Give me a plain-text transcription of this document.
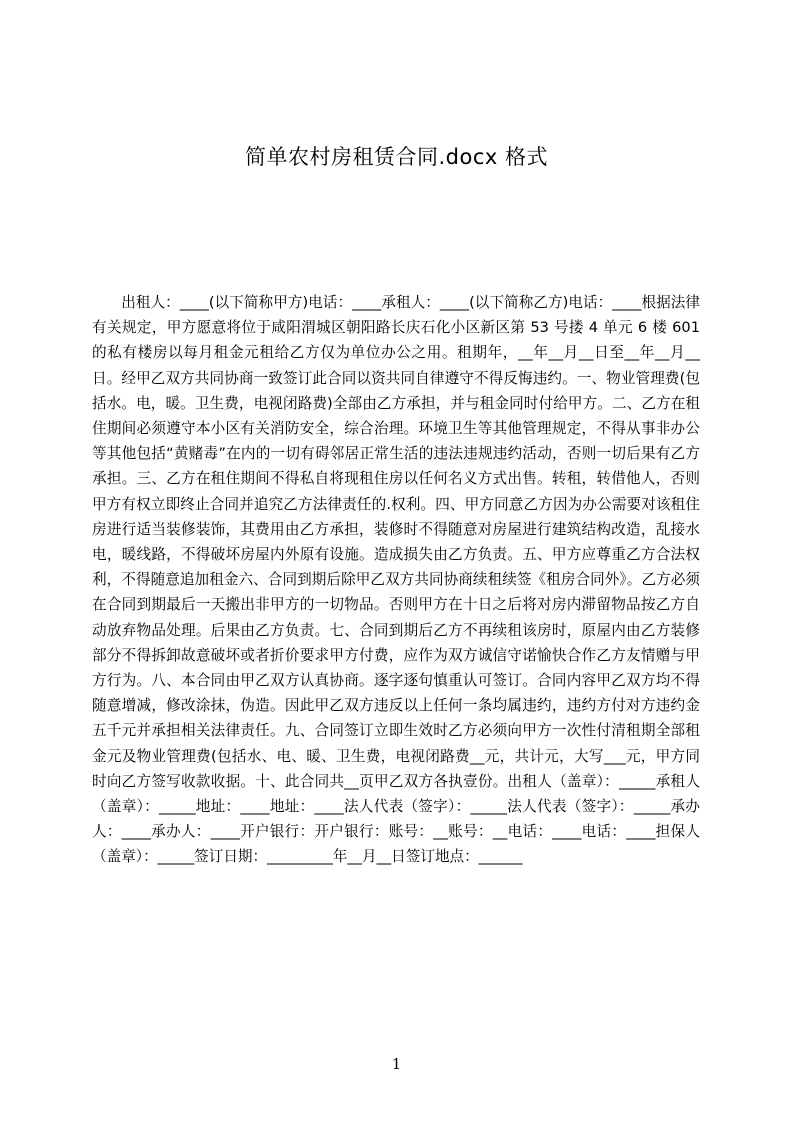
简单农村房租赁合同.docx 格式

出租人：____(以下简称甲方)电话：____承租人：____(以下简称乙方)电话：____根据法律有关规定，甲方愿意将位于咸阳渭城区朝阳路长庆石化小区新区第 53 号搂 4 单元 6 楼 601 的私有楼房以每月租金元租给乙方仅为单位办公之用。租期年，__年__月__日至__年__月__日。经甲乙双方共同协商一致签订此合同以资共同自律遵守不得反悔违约。一、物业管理费(包括水。电，暖。卫生费，电视闭路费)全部由乙方承担，并与租金同时付给甲方。二、乙方在租住期间必须遵守本小区有关消防安全，综合治理。环境卫生等其他管理规定，不得从事非办公等其他包括“黄赌毒”在内的一切有碍邻居正常生活的违法违规违约活动，否则一切后果有乙方承担。三、乙方在租住期间不得私自将现租住房以任何名义方式出售。转租，转借他人，否则甲方有权立即终止合同并追究乙方法律责任的.权利。四、甲方同意乙方因为办公需要对该租住房进行适当装修装饰，其费用由乙方承担，装修时不得随意对房屋进行建筑结构改造，乱接水电，暖线路，不得破坏房屋内外原有设施。造成损失由乙方负责。五、甲方应尊重乙方合法权利，不得随意追加租金六、合同到期后除甲乙双方共同协商续租续签《租房合同外》。乙方必须在合同到期最后一天搬出非甲方的一切物品。否则甲方在十日之后将对房内滞留物品按乙方自动放弃物品处理。后果由乙方负责。七、合同到期后乙方不再续租该房时，原屋内由乙方装修部分不得拆卸故意破坏或者折价要求甲方付费，应作为双方诚信守诺愉快合作乙方友情赠与甲方行为。八、本合同由甲乙双方认真协商。逐字逐句慎重认可签订。合同内容甲乙双方均不得随意增减，修改涂抹，伪造。因此甲乙双方违反以上任何一条均属违约，违约方付对方违约金五千元并承担相关法律责任。九、合同签订立即生效时乙方必须向甲方一次性付清租期全部租金元及物业管理费(包括水、电、暖、卫生费，电视闭路费__元，共计元，大写___元，甲方同时向乙方签写收款收据。十、此合同共__页甲乙双方各执壹份。出租人（盖章）：_____承租人（盖章）：_____地址：____地址：____法人代表（签字）：_____法人代表（签字）：_____承办人：____承办人：____开户银行：开户银行：账号：__账号：__电话：____电话：____担保人（盖章）：_____签订日期：_________年__月__日签订地点：______

1
